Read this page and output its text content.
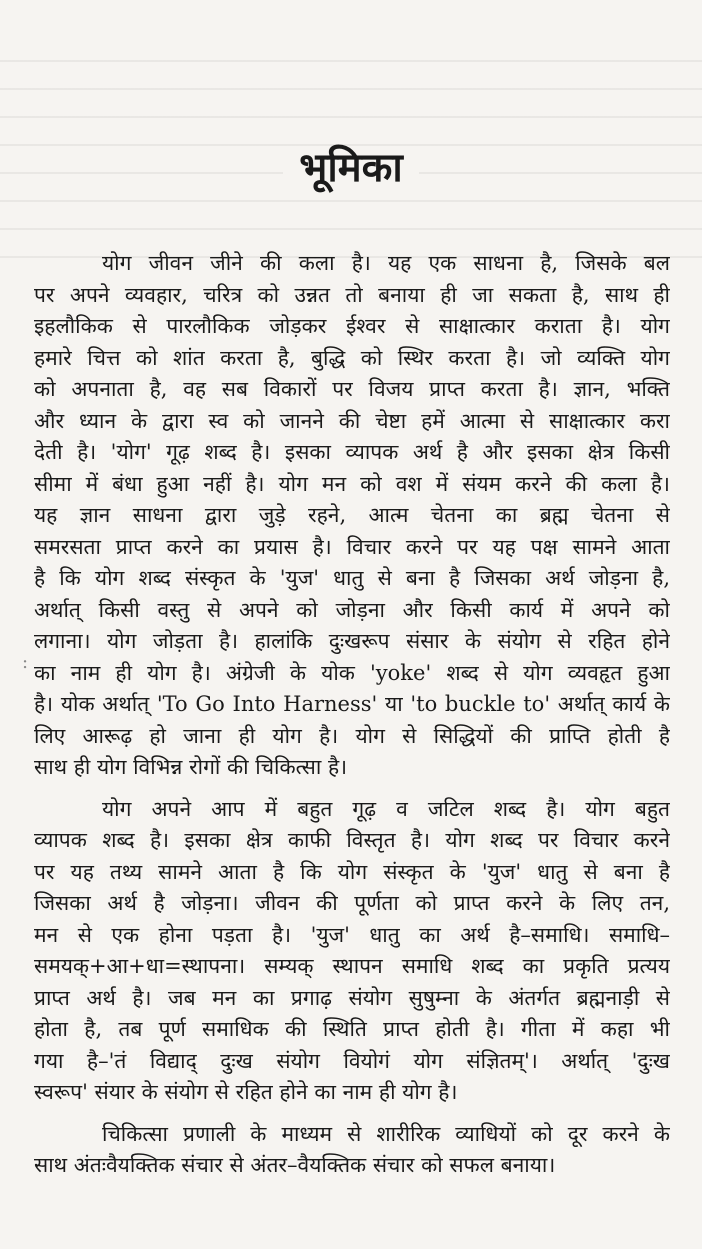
भूमिका
:
योग जीवन जीने की कला है। यह एक साधना है, जिसके बल
पर अपने व्यवहार, चरित्र को उन्नत तो बनाया ही जा सकता है, साथ ही
इहलौकिक से पारलौकिक जोड़कर ईश्वर से साक्षात्कार कराता है। योग
हमारे चित्त को शांत करता है, बुद्धि को स्थिर करता है। जो व्यक्ति योग
को अपनाता है, वह सब विकारों पर विजय प्राप्त करता है। ज्ञान, भक्ति
और ध्यान के द्वारा स्व को जानने की चेष्टा हमें आत्मा से साक्षात्कार करा
देती है। 'योग' गूढ़ शब्द है। इसका व्यापक अर्थ है और इसका क्षेत्र किसी
सीमा में बंधा हुआ नहीं है। योग मन को वश में संयम करने की कला है।
यह ज्ञान साधना द्वारा जुड़े रहने, आत्म चेतना का ब्रह्म चेतना से
समरसता प्राप्त करने का प्रयास है। विचार करने पर यह पक्ष सामने आता
है कि योग शब्द संस्कृत के 'युज' धातु से बना है जिसका अर्थ जोड़ना है,
अर्थात् किसी वस्तु से अपने को जोड़ना और किसी कार्य में अपने को
लगाना। योग जोड़ता है। हालांकि दुःखरूप संसार के संयोग से रहित होने
का नाम ही योग है। अंग्रेजी के योक 'yoke' शब्द से योग व्यवहृत हुआ
है। योक अर्थात् 'To Go Into Harness' या 'to buckle to' अर्थात् कार्य के
लिए आरूढ़ हो जाना ही योग है। योग से सिद्धियों की प्राप्ति होती है
साथ ही योग विभिन्न रोगों की चिकित्सा है।
योग अपने आप में बहुत गूढ़ व जटिल शब्द है। योग बहुत
व्यापक शब्द है। इसका क्षेत्र काफी विस्तृत है। योग शब्द पर विचार करने
पर यह तथ्य सामने आता है कि योग संस्कृत के 'युज' धातु से बना है
जिसका अर्थ है जोड़ना। जीवन की पूर्णता को प्राप्त करने के लिए तन,
मन से एक होना पड़ता है। 'युज' धातु का अर्थ है–समाधि। समाधि–
समयक्+आ+धा=स्थापना। सम्यक् स्थापन समाधि शब्द का प्रकृति प्रत्यय
प्राप्त अर्थ है। जब मन का प्रगाढ़ संयोग सुषुम्ना के अंतर्गत ब्रह्मनाड़ी से
होता है, तब पूर्ण समाधिक की स्थिति प्राप्त होती है। गीता में कहा भी
गया है–'तं विद्याद् दुःख संयोग वियोगं योग संज्ञितम्'। अर्थात् 'दुःख
स्वरूप' संयार के संयोग से रहित होने का नाम ही योग है।
चिकित्सा प्रणाली के माध्यम से शारीरिक व्याधियों को दूर करने के
साथ अंतःवैयक्तिक संचार से अंतर–वैयक्तिक संचार को सफल बनाया।
